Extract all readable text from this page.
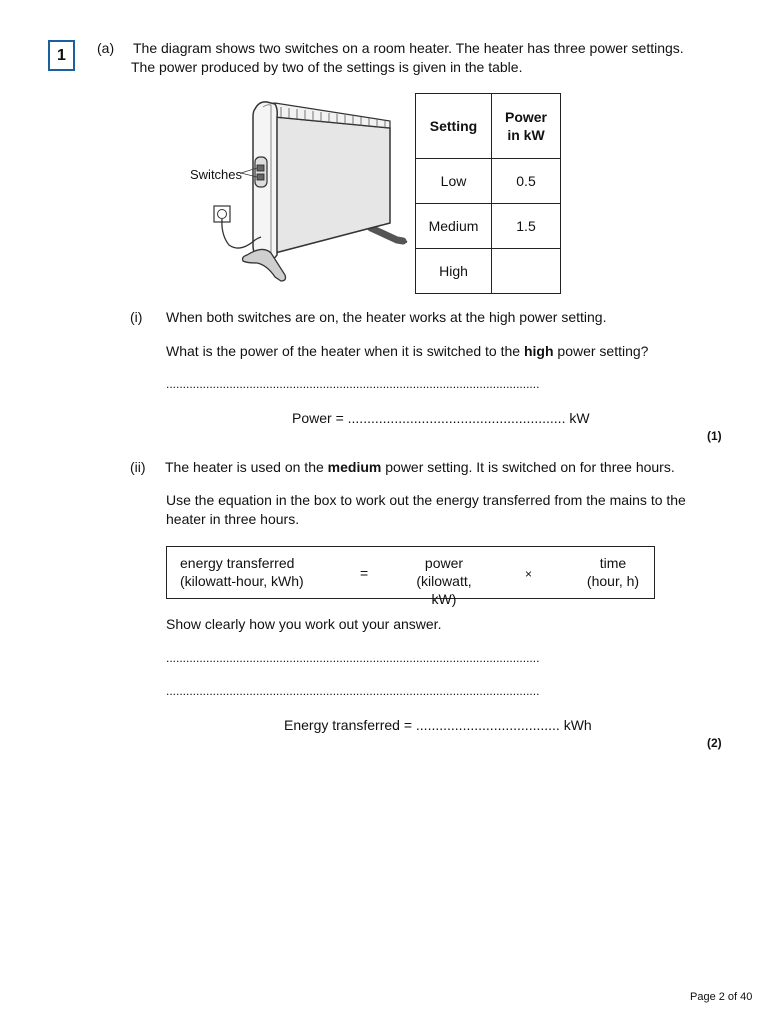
1 (a) The diagram shows two switches on a room heater. The heater has three power settings.
The power produced by two of the settings is given in the table.
Switches
Setting	Power
in kW

Low	0.5
Medium	1.5
High	
(i) When both switches are on, the heater works at the high power setting.
What is the power of the heater when it is switched to the high power setting?
................................................................................................................
Power = ........................................................ kW
(1)
(ii) The heater is used on the medium power setting. It is switched on for three hours.
Use the equation in the box to work out the energy transferred from the mains to the
heater in three hours.
energy transferred
(kilowatt-hour, kWh)	=
power
(kilowatt, kW)
×
time
(hour, h)
Show clearly how you work out your answer.
................................................................................................................
................................................................................................................
Energy transferred = ..................................... kWh
(2)
Page 2 of 40
